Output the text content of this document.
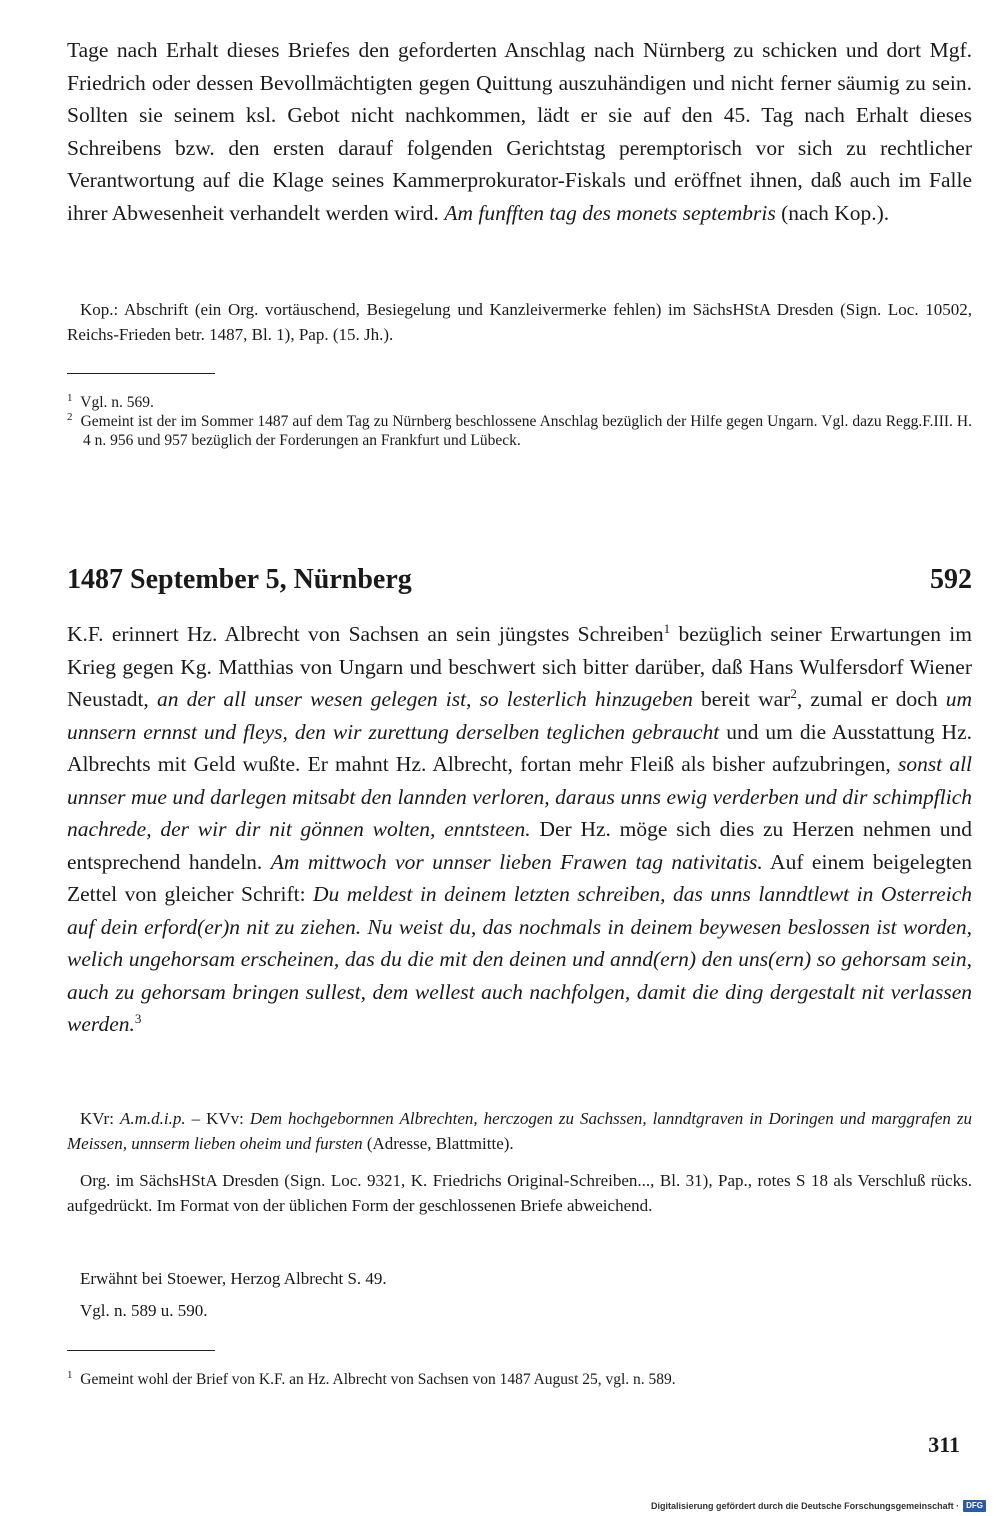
Tage nach Erhalt dieses Briefes den geforderten Anschlag nach Nürnberg zu schicken und dort Mgf. Friedrich oder dessen Bevollmächtigten gegen Quittung auszuhändigen und nicht ferner säumig zu sein. Sollten sie seinem ksl. Gebot nicht nachkommen, lädt er sie auf den 45. Tag nach Erhalt dieses Schreibens bzw. den ersten darauf folgenden Gerichtstag peremptorisch vor sich zu rechtlicher Verantwortung auf die Klage seines Kammerprokurator-Fiskals und eröffnet ihnen, daß auch im Falle ihrer Abwesenheit verhandelt werden wird. Am funfften tag des monets septembris (nach Kop.).

Kop.: Abschrift (ein Org. vortäuschend, Besiegelung und Kanzleivermerke fehlen) im SächsHStA Dresden (Sign. Loc. 10502, Reichs-Frieden betr. 1487, Bl. 1), Pap. (15. Jh.).

$^1$ Vgl. n. 569.

$^2$ Gemeint ist der im Sommer 1487 auf dem Tag zu Nürnberg beschlossene Anschlag bezüglich der Hilfe gegen Ungarn. Vgl. dazu Regg.F.III. H. 4 n. 956 und 957 bezüglich der Forderungen an Frankfurt und Lübeck.

1487 September 5, Nürnberg	592

K.F. erinnert Hz. Albrecht von Sachsen an sein jüngstes Schreiben$^1$ bezüglich seiner Erwartungen im Krieg gegen Kg. Matthias von Ungarn und beschwert sich bitter darüber, daß Hans Wulfersdorf Wiener Neustadt, an der all unser wesen gelegen ist, so lesterlich hinzugeben bereit war$^2$, zumal er doch um unnsern ernnst und fleys, den wir zurettung derselben teglichen gebraucht und um die Ausstattung Hz. Albrechts mit Geld wußte. Er mahnt Hz. Albrecht, fortan mehr Fleiß als bisher aufzubringen, sonst all unnser mue und darlegen mitsabt den lannden verloren, daraus unns ewig verderben und dir schimpflich nachrede, der wir dir nit gönnen wolten, enntsteen. Der Hz. möge sich dies zu Herzen nehmen und entsprechend handeln. Am mittwoch vor unnser lieben Frawen tag nativitatis. Auf einem beigelegten Zettel von gleicher Schrift: Du meldest in deinem letzten schreiben, das unns lanndtlewt in Osterreich auf dein erford(er)n nit zu ziehen. Nu weist du, das nochmals in deinem beywesen beslossen ist worden, welich ungehorsam erscheinen, das du die mit den deinen und annd(ern) den uns(ern) so gehorsam sein, auch zu gehorsam bringen sullest, dem wellest auch nachfolgen, damit die ding dergestalt nit verlassen werden.$^3$

KVr: A.m.d.i.p. – KVv: Dem hochgebornnen Albrechten, herczogen zu Sachssen, lanndtgraven in Doringen und marggrafen zu Meissen, unnserm lieben oheim und fursten (Adresse, Blattmitte).

Org. im SächsHStA Dresden (Sign. Loc. 9321, K. Friedrichs Original-Schreiben..., Bl. 31), Pap., rotes S 18 als Verschluß rücks. aufgedrückt. Im Format von der üblichen Form der geschlossenen Briefe abweichend.

Erwähnt bei Stoewer, Herzog Albrecht S. 49.

Vgl. n. 589 u. 590.

$^1$ Gemeint wohl der Brief von K.F. an Hz. Albrecht von Sachsen von 1487 August 25, vgl. n. 589.

311
Digitalisierung gefördert durch die Deutsche Forschungsgemeinschaft · DFG
